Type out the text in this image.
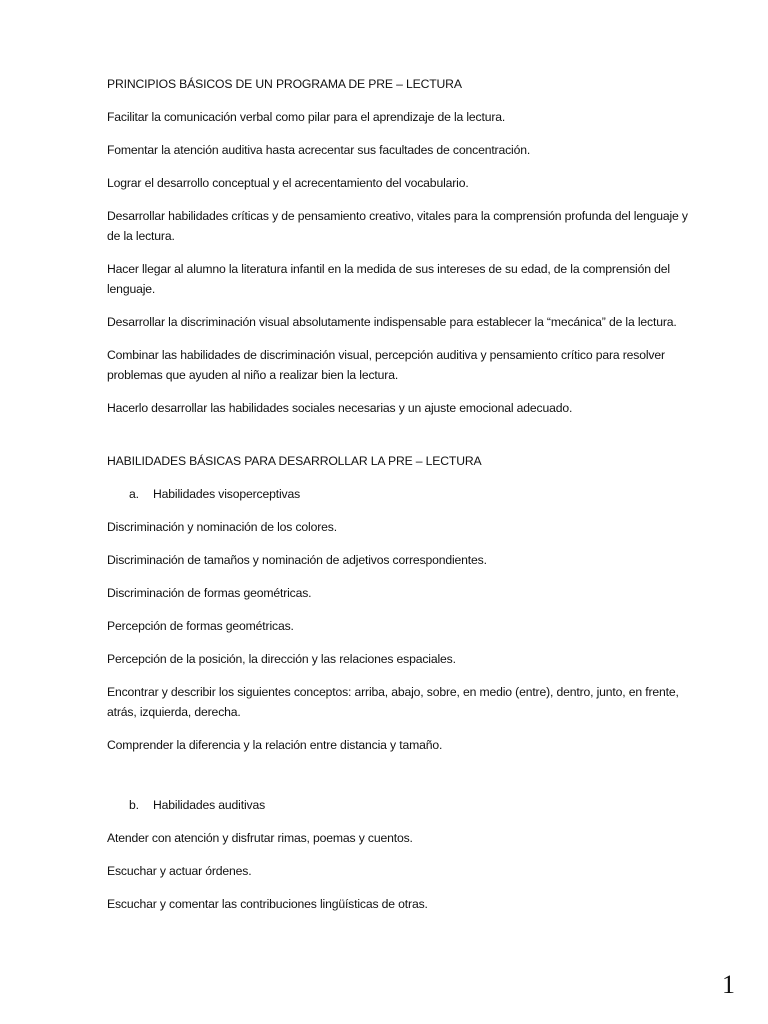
PRINCIPIOS BÁSICOS DE UN PROGRAMA DE PRE – LECTURA

Facilitar la comunicación verbal como pilar para el aprendizaje de la lectura.

Fomentar la atención auditiva hasta acrecentar sus facultades de concentración.

Lograr el desarrollo conceptual y el acrecentamiento del vocabulario.

Desarrollar habilidades críticas y de pensamiento creativo, vitales para la comprensión profunda del lenguaje y de la lectura.

Hacer llegar al alumno la literatura infantil en la medida de sus intereses de su edad, de la comprensión del lenguaje.

Desarrollar la discriminación visual absolutamente indispensable para establecer la “mecánica” de la lectura.

Combinar las habilidades de discriminación visual, percepción auditiva y pensamiento crítico para resolver problemas que ayuden al niño a realizar bien la lectura.

Hacerlo desarrollar las habilidades sociales necesarias y un ajuste emocional adecuado.

HABILIDADES BÁSICAS PARA DESARROLLAR LA PRE – LECTURA

a.	Habilidades visoperceptivas

Discriminación y nominación de los colores.

Discriminación de tamaños y nominación de adjetivos correspondientes.

Discriminación de formas geométricas.

Percepción de formas geométricas.

Percepción de la posición, la dirección y las relaciones espaciales.

Encontrar y describir los siguientes conceptos: arriba, abajo, sobre, en medio (entre), dentro, junto, en frente, atrás, izquierda, derecha.

Comprender la diferencia y la relación entre distancia y tamaño.

b.	Habilidades auditivas

Atender con atención y disfrutar rimas, poemas y cuentos.

Escuchar y actuar órdenes.

Escuchar y comentar las contribuciones lingüísticas de otras.

1
